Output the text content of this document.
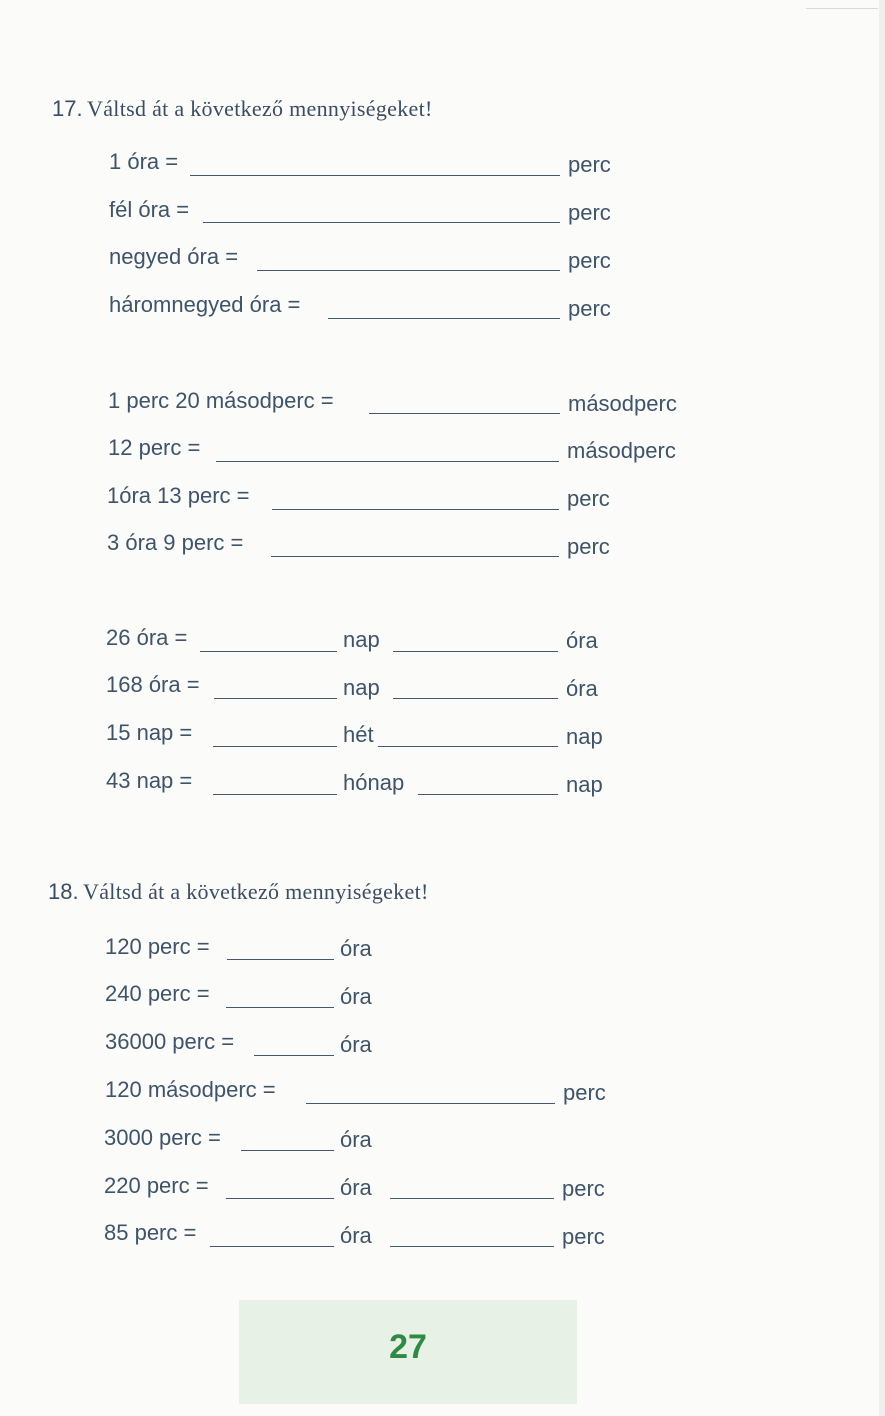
17. Váltsd át a következő mennyiségeket!
1 óra =	perc
fél óra =	perc
negyed óra =	perc
háromnegyed óra =	perc
1 perc 20 másodperc =	másodperc
12 perc =	másodperc
1óra 13 perc =	perc
3 óra 9 perc =	perc
26 óra =	nap	óra
168 óra =	nap	óra
15 nap =	hét	nap
43 nap =	hónap	nap
18. Váltsd át a következő mennyiségeket!
120 perc =	óra
240 perc =	óra
36000 perc =	óra
120 másodperc =	perc
3000 perc =	óra
220 perc =	óra	perc
85 perc =	óra	perc
27
